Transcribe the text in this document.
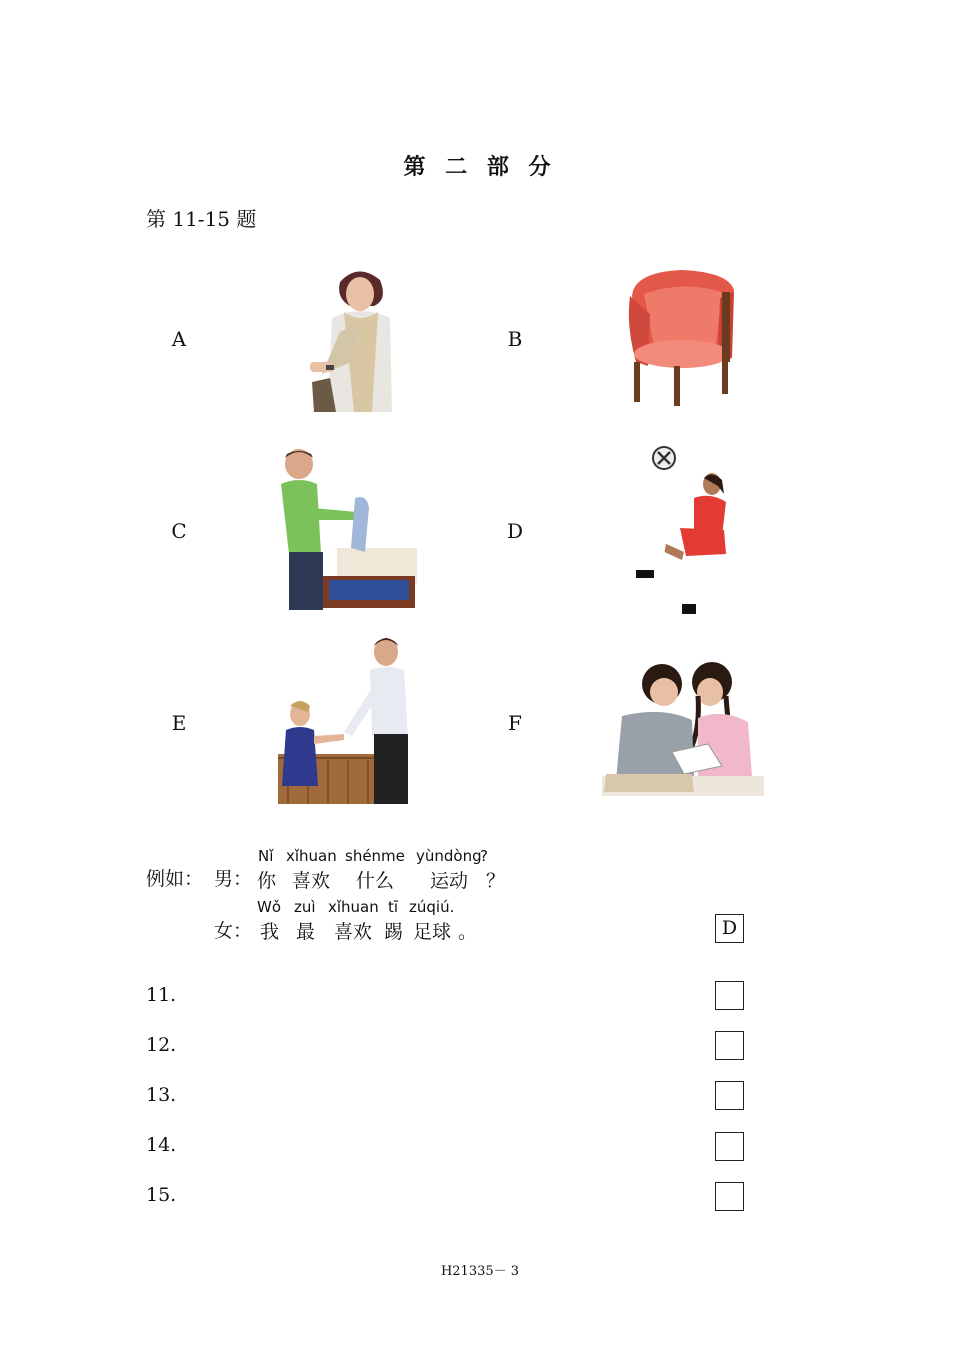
第 二 部 分
第 11-15 题
A	B
C	D
E	F
例如： 男：
Nǐ xǐhuan shénme yùndòng
?
你 喜欢 什么 运动 ？
女：
Wǒ zuì xǐhuan tī zúqiú.
我 最 喜欢 踢 足球 。	D
11.
12.
13.
14.
15.
H21335－ 3
